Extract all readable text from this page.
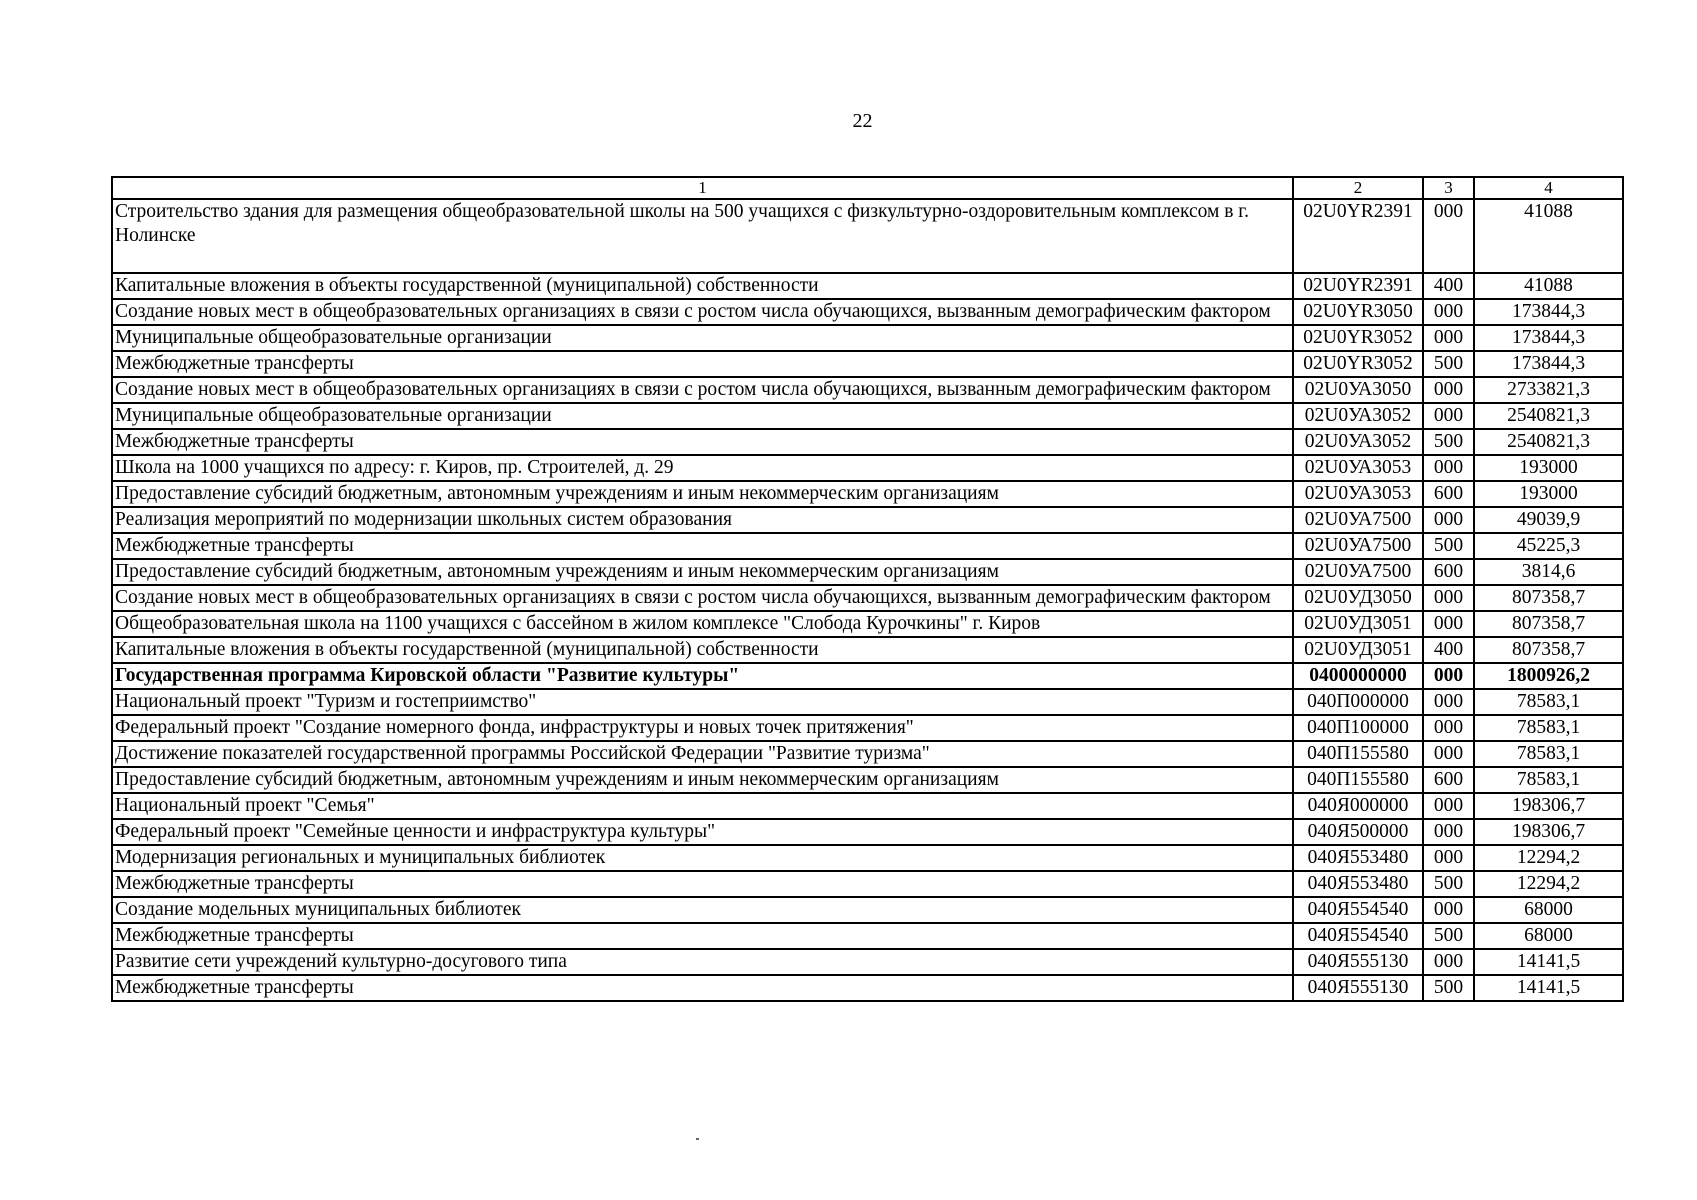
22
1	2	3	4
Строительство здания для размещения общеобразовательной школы на 500 учащихся с физкультурно-оздоровительным комплексом в г. Нолинске	02U0YR2391	000	41088
Капитальные вложения в объекты государственной (муниципальной) собственности	02U0YR2391	400	41088
Создание новых мест в общеобразовательных организациях в связи с ростом числа обучающихся, вызванным демографическим фактором	02U0YR3050	000	173844,3
Муниципальные общеобразовательные организации	02U0YR3052	000	173844,3
Межбюджетные трансферты	02U0YR3052	500	173844,3
Создание новых мест в общеобразовательных организациях в связи с ростом числа обучающихся, вызванным демографическим фактором	02U0УА3050	000	2733821,3
Муниципальные общеобразовательные организации	02U0УА3052	000	2540821,3
Межбюджетные трансферты	02U0УА3052	500	2540821,3
Школа на 1000 учащихся по адресу: г. Киров, пр. Строителей, д. 29	02U0УА3053	000	193000
Предоставление субсидий бюджетным, автономным учреждениям и иным некоммерческим организациям	02U0УА3053	600	193000
Реализация мероприятий по модернизации школьных систем образования	02U0УА7500	000	49039,9
Межбюджетные трансферты	02U0УА7500	500	45225,3
Предоставление субсидий бюджетным, автономным учреждениям и иным некоммерческим организациям	02U0УА7500	600	3814,6
Создание новых мест в общеобразовательных организациях в связи с ростом числа обучающихся, вызванным демографическим фактором	02U0УД3050	000	807358,7
Общеобразовательная школа на 1100 учащихся с бассейном в жилом комплексе "Слобода Курочкины" г. Киров	02U0УД3051	000	807358,7
Капитальные вложения в объекты государственной (муниципальной) собственности	02U0УД3051	400	807358,7
Государственная программа Кировской области "Развитие культуры"	0400000000	000	1800926,2
Национальный проект "Туризм и гостеприимство"	040П000000	000	78583,1
Федеральный проект "Создание номерного фонда, инфраструктуры и новых точек притяжения"	040П100000	000	78583,1
Достижение показателей государственной программы Российской Федерации "Развитие туризма"	040П155580	000	78583,1
Предоставление субсидий бюджетным, автономным учреждениям и иным некоммерческим организациям	040П155580	600	78583,1
Национальный проект "Семья"	040Я000000	000	198306,7
Федеральный проект "Семейные ценности и инфраструктура культуры"	040Я500000	000	198306,7
Модернизация региональных и муниципальных библиотек	040Я553480	000	12294,2
Межбюджетные трансферты	040Я553480	500	12294,2
Создание модельных муниципальных библиотек	040Я554540	000	68000
Межбюджетные трансферты	040Я554540	500	68000
Развитие сети учреждений культурно-досугового типа	040Я555130	000	14141,5
Межбюджетные трансферты	040Я555130	500	14141,5
